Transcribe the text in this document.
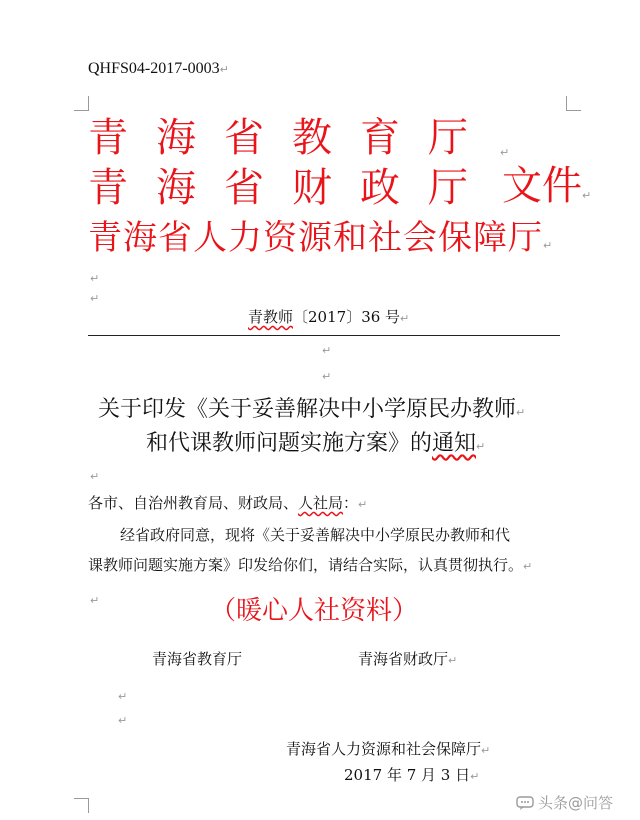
QHFS04-2017-0003↵
青海省教育厅 ↵
青海省财政厅 文件↵
青海省人力资源和社会保障厅↵
↵
↵
青教师〔2017〕36 号↵
↵
↵
关于印发《关于妥善解决中小学原民办教师↵
和代课教师问题实施方案》的通知↵
↵
各市、自治州教育局、财政局、人社局：↵
经省政府同意，现将《关于妥善解决中小学原民办教师和代
课教师问题实施方案》印发给你们，请结合实际，认真贯彻执行。↵
↵	（暖心人社资料）
青海省教育厅	青海省财政厅↵
↵
↵
青海省人力资源和社会保障厅↵
2017 年 7 月 3 日↵
头条@问答
